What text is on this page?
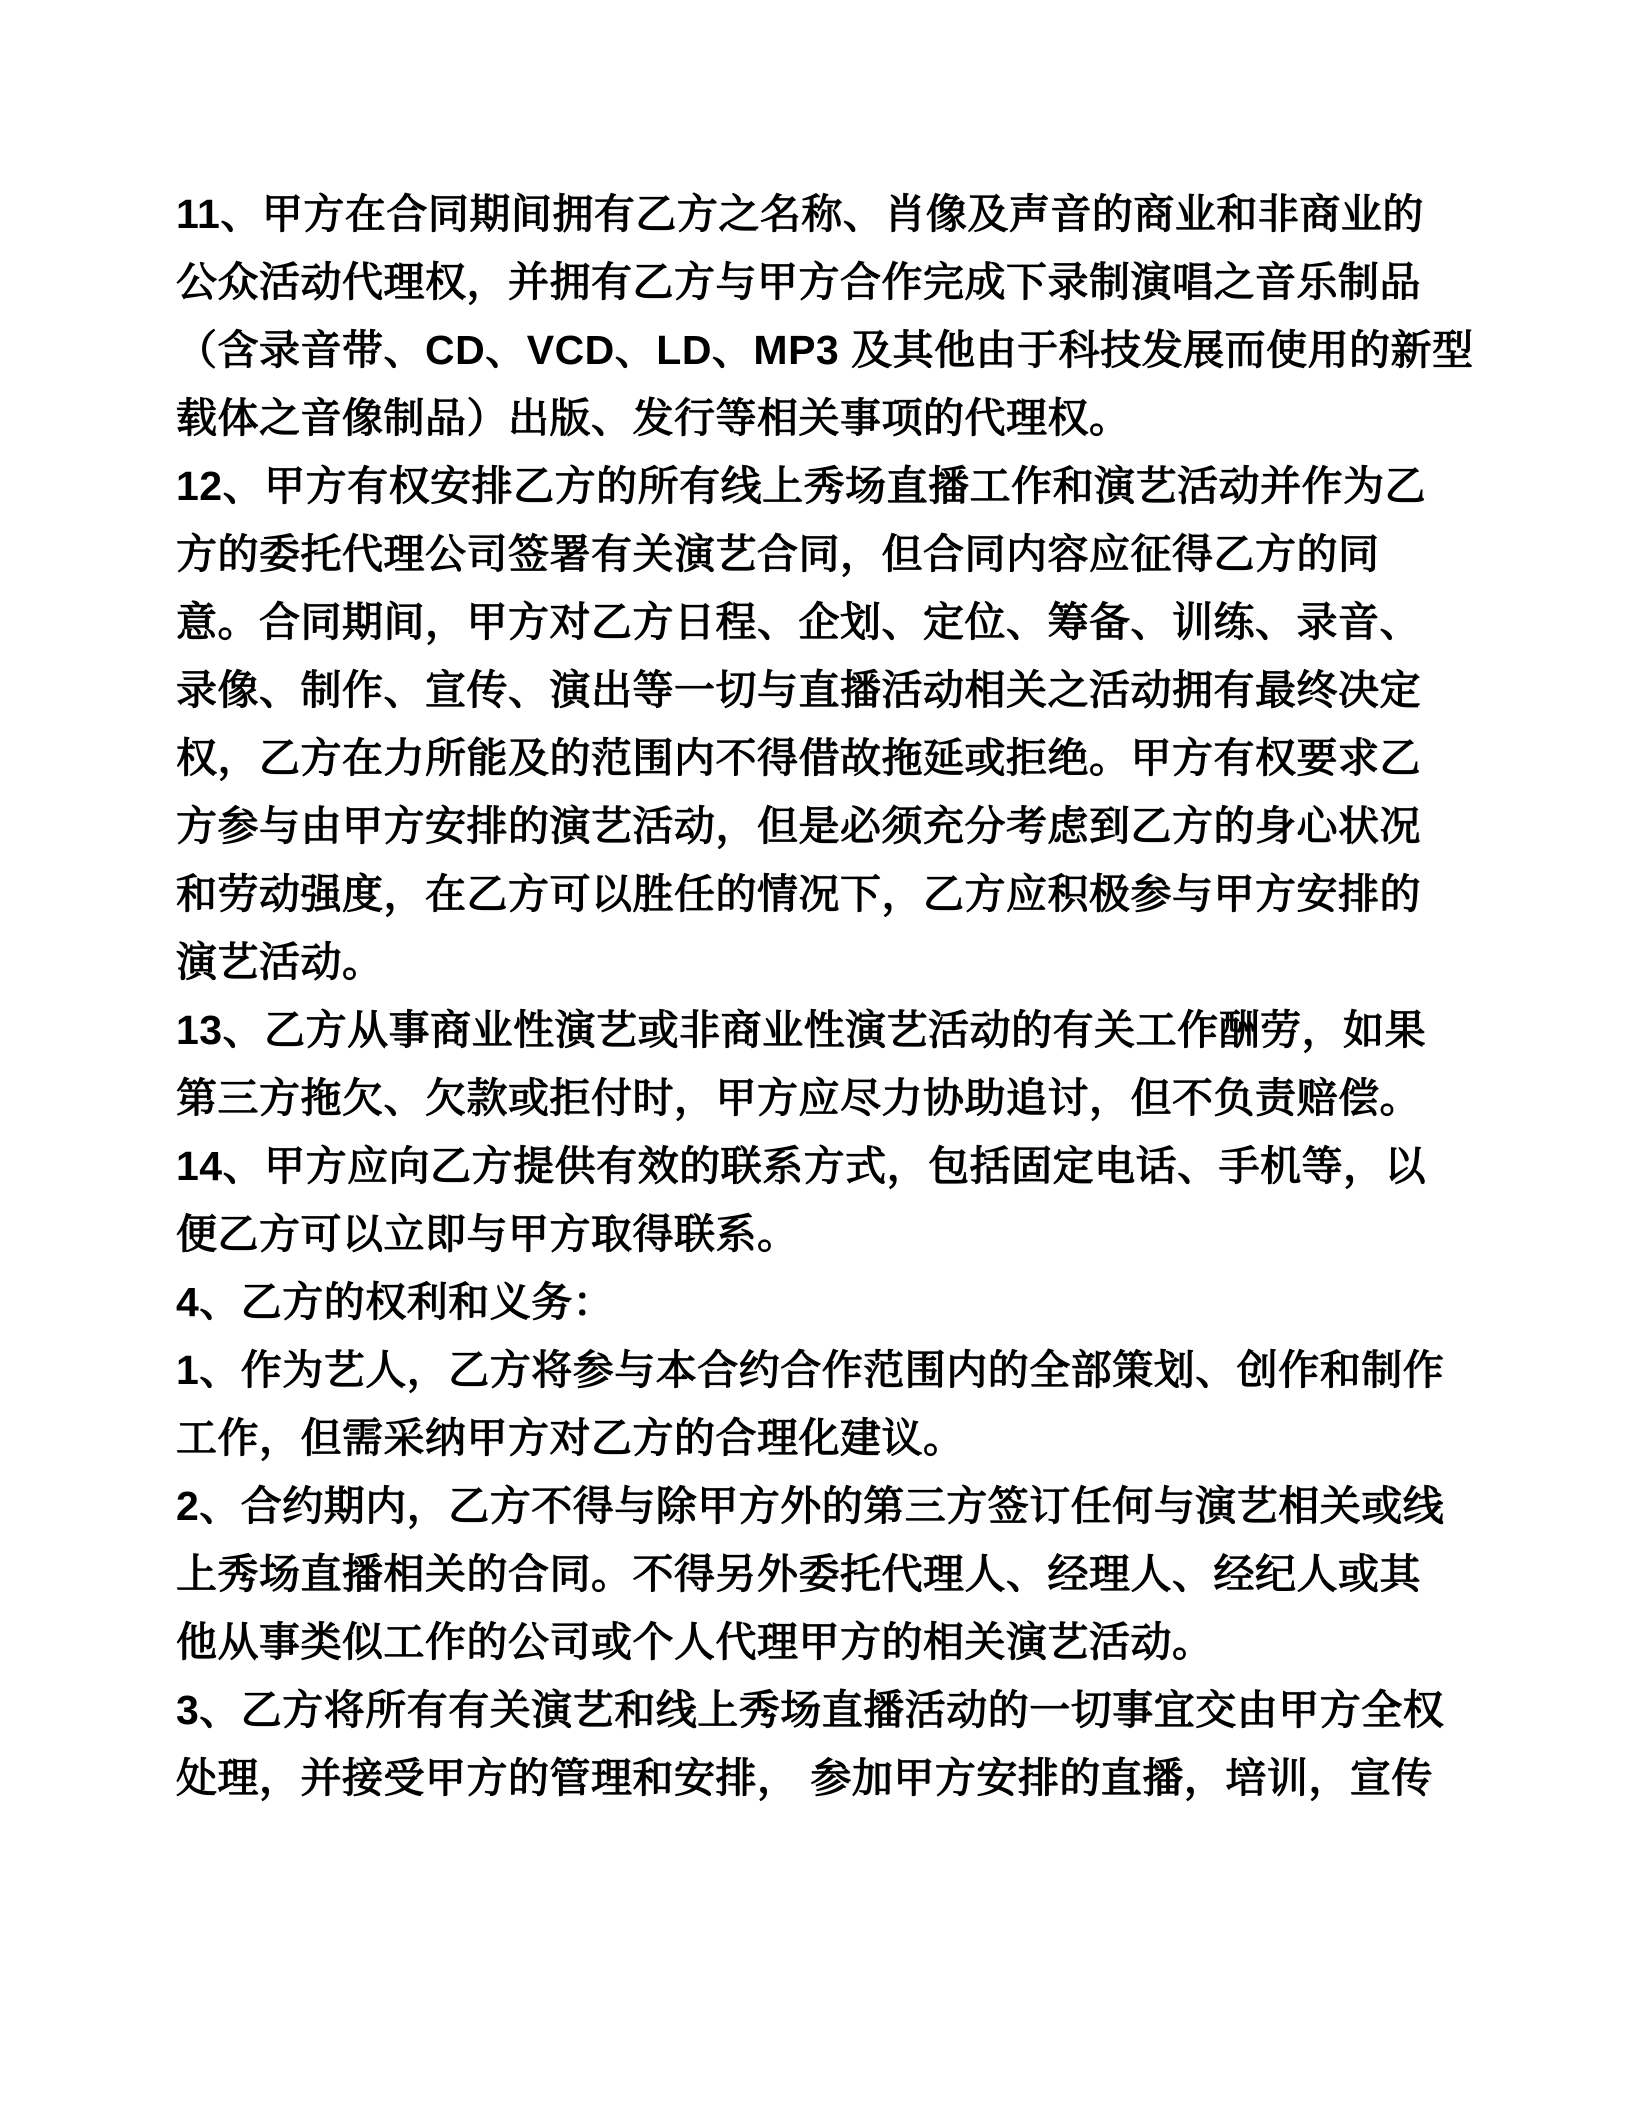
11、甲方在合同期间拥有乙方之名称、肖像及声音的商业和非商业的
公众活动代理权，并拥有乙方与甲方合作完成下录制演唱之音乐制品
（含录音带、CD、VCD、LD、MP3 及其他由于科技发展而使用的新型
载体之音像制品）出版、发行等相关事项的代理权。
12、甲方有权安排乙方的所有线上秀场直播工作和演艺活动并作为乙
方的委托代理公司签署有关演艺合同，但合同内容应征得乙方的同
意。合同期间，甲方对乙方日程、企划、定位、筹备、训练、录音、
录像、制作、宣传、演出等一切与直播活动相关之活动拥有最终决定
权，乙方在力所能及的范围内不得借故拖延或拒绝。甲方有权要求乙
方参与由甲方安排的演艺活动，但是必须充分考虑到乙方的身心状况
和劳动强度，在乙方可以胜任的情况下，乙方应积极参与甲方安排的
演艺活动。
13、乙方从事商业性演艺或非商业性演艺活动的有关工作酬劳，如果
第三方拖欠、欠款或拒付时，甲方应尽力协助追讨，但不负责赔偿。
14、甲方应向乙方提供有效的联系方式，包括固定电话、手机等，以
便乙方可以立即与甲方取得联系。
4、乙方的权利和义务：
1、作为艺人，乙方将参与本合约合作范围内的全部策划、创作和制作
工作，但需采纳甲方对乙方的合理化建议。
2、合约期内，乙方不得与除甲方外的第三方签订任何与演艺相关或线
上秀场直播相关的合同。不得另外委托代理人、经理人、经纪人或其
他从事类似工作的公司或个人代理甲方的相关演艺活动。
3、乙方将所有有关演艺和线上秀场直播活动的一切事宜交由甲方全权
处理，并接受甲方的管理和安排， 参加甲方安排的直播，培训，宣传
